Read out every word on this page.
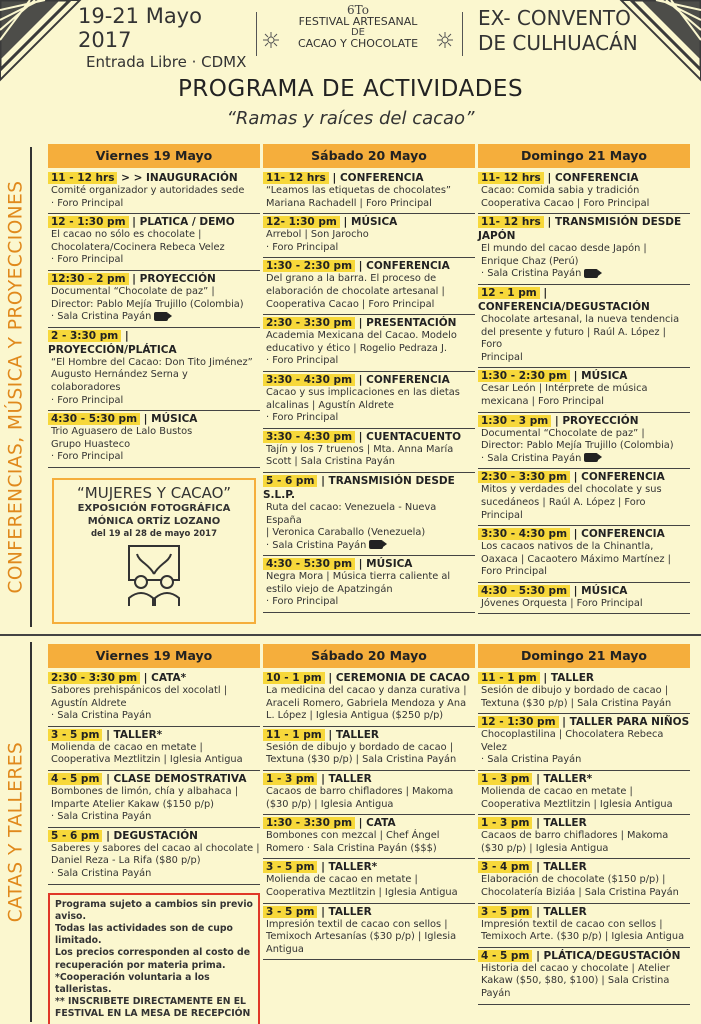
19-21 Mayo 2017
Entrada Libre · CDMX
6To
FESTIVAL ARTESANAL
DE
CACAO Y CHOCOLATE
EX- CONVENTO
DE CULHUACÁN
PROGRAMA DE ACTIVIDADES
“Ramas y raíces del cacao”
CONFERENCIAS, MÚSICA Y PROYECCIONES
CATAS Y TALLERES
Viernes 19 Mayo
11 - 12 hrs > > INAUGURACIÓN
Comité organizador y autoridades sede
· Foro Principal
12 - 1:30 pm | PLATICA / DEMO
El cacao no sólo es chocolate |
Chocolatera/Cocinera Rebeca Velez
· Foro Principal
12:30 - 2 pm | PROYECCIÓN
Documental “Chocolate de paz” |
Director: Pablo Mejía Trujillo (Colombia)
· Sala Cristina Payán
2 - 3:30 pm | PROYECCIÓN/PLÁTICA
“El Hombre del Cacao: Don Tito Jiménez”
Augusto Hernández Serna y colaboradores
· Foro Principal
4:30 - 5:30 pm | MÚSICA
Trio Aguasero de Lalo Bustos
Grupo Huasteco
· Foro Principal
“MUJERES Y CACAO”
EXPOSICIÓN FOTOGRÁFICA
MÓNICA ORTÍZ LOZANO
del 19 al 28 de mayo 2017
Sábado 20 Mayo
11- 12 hrs | CONFERENCIA
“Leamos las etiquetas de chocolates”
Mariana Rachadell | Foro Principal
12- 1:30 pm | MÚSICA
Arrebol | Son Jarocho
· Foro Principal
1:30 - 2:30 pm | CONFERENCIA
Del grano a la barra. El proceso de
elaboración de chocolate artesanal |
Cooperativa Cacao | Foro Principal
2:30 - 3:30 pm | PRESENTACIÓN
Academia Mexicana del Cacao. Modelo
educativo y ético | Rogelio Pedraza J.
· Foro Principal
3:30 - 4:30 pm | CONFERENCIA
Cacao y sus implicaciones en las dietas
alcalinas | Agustín Aldrete
· Foro Principal
3:30 - 4:30 pm | CUENTACUENTO
Tajín y los 7 truenos | Mta. Anna María
Scott | Sala Cristina Payán
5 - 6 pm | TRANSMISIÓN DESDE S.L.P.
Ruta del cacao: Venezuela - Nueva España
| Veronica Caraballo (Venezuela)
· Sala Cristina Payán
4:30 - 5:30 pm | MÚSICA
Negra Mora | Música tierra caliente al
estilo viejo de Apatzingán
· Foro Principal
Domingo 21 Mayo
11- 12 hrs | CONFERENCIA
Cacao: Comida sabia y tradición
Cooperativa Cacao | Foro Principal
11- 12 hrs | TRANSMISIÓN DESDE JAPÓN
El mundo del cacao desde Japón |
Enrique Chaz (Perú)
· Sala Cristina Payán
12 - 1 pm | CONFERENCIA/DEGUSTACIÓN
Chocolate artesanal, la nueva tendencia
del presente y futuro | Raúl A. López | Foro
Principal
1:30 - 2:30 pm | MÚSICA
Cesar León | Intérprete de música
mexicana | Foro Principal
1:30 - 3 pm | PROYECCIÓN
Documental “Chocolate de paz” |
Director: Pablo Mejía Trujillo (Colombia)
· Sala Cristina Payán
2:30 - 3:30 pm | CONFERENCIA
Mitos y verdades del chocolate y sus
sucedáneos | Raúl A. López | Foro Principal
3:30 - 4:30 pm | CONFERENCIA
Los cacaos nativos de la Chinantla,
Oaxaca | Cacaotero Máximo Martínez |
Foro Principal
4:30 - 5:30 pm | MÚSICA
Jóvenes Orquesta | Foro Principal
Viernes 19 Mayo
2:30 - 3:30 pm | CATA*
Sabores prehispánicos del xocolatl |
Agustín Aldrete
· Sala Cristina Payán
3 - 5 pm | TALLER*
Molienda de cacao en metate |
Cooperativa Meztlitzin | Iglesia Antigua
4 - 5 pm | CLASE DEMOSTRATIVA
Bombones de limón, chía y albahaca |
Imparte Atelier Kakaw ($150 p/p)
· Sala Cristina Payán
5 - 6 pm | DEGUSTACIÓN
Saberes y sabores del cacao al chocolate |
Daniel Reza - La Rifa ($80 p/p)
· Sala Cristina Payán
Programa sujeto a cambios sin previo aviso.
Todas las actividades son de cupo limitado.
Los precios corresponden al costo de
recuperación por materia prima.
*Cooperación voluntaria a los talleristas.
** INSCRIBETE DIRECTAMENTE EN EL
FESTIVAL EN LA MESA DE RECEPCIÓN
Sábado 20 Mayo
10 - 1 pm | CEREMONIA DE CACAO
La medicina del cacao y danza curativa |
Araceli Romero, Gabriela Mendoza y Ana
L. López | Iglesia Antigua ($250 p/p)
11 - 1 pm | TALLER
Sesión de dibujo y bordado de cacao |
Textuna ($30 p/p) | Sala Cristina Payán
1 - 3 pm | TALLER
Cacaos de barro chifladores | Makoma
($30 p/p) | Iglesia Antigua
1:30 - 3:30 pm | CATA
Bombones con mezcal | Chef Ángel
Romero · Sala Cristina Payán ($$$)
3 - 5 pm | TALLER*
Molienda de cacao en metate |
Cooperativa Meztlitzin | Iglesia Antigua
3 - 5 pm | TALLER
Impresión textil de cacao con sellos |
Temixoch Artesanías ($30 p/p) | Iglesia
Antigua
Domingo 21 Mayo
11 - 1 pm | TALLER
Sesión de dibujo y bordado de cacao |
Textuna ($30 p/p) | Sala Cristina Payán
12 - 1:30 pm | TALLER PARA NIÑOS
Chocoplastilina | Chocolatera Rebeca Velez
· Sala Cristina Payán
1 - 3 pm | TALLER*
Molienda de cacao en metate |
Cooperativa Meztlitzin | Iglesia Antigua
1 - 3 pm | TALLER
Cacaos de barro chifladores | Makoma
($30 p/p) | Iglesia Antigua
3 - 4 pm | TALLER
Elaboración de chocolate ($150 p/p) |
Chocolatería Biziáa | Sala Cristina Payán
3 - 5 pm | TALLER
Impresión textil de cacao con sellos |
Temixoch Arte. ($30 p/p) | Iglesia Antigua
4 - 5 pm | PLÁTICA/DEGUSTACIÓN
Historia del cacao y chocolate | Atelier
Kakaw ($50, $80, $100) | Sala Cristina Payán
